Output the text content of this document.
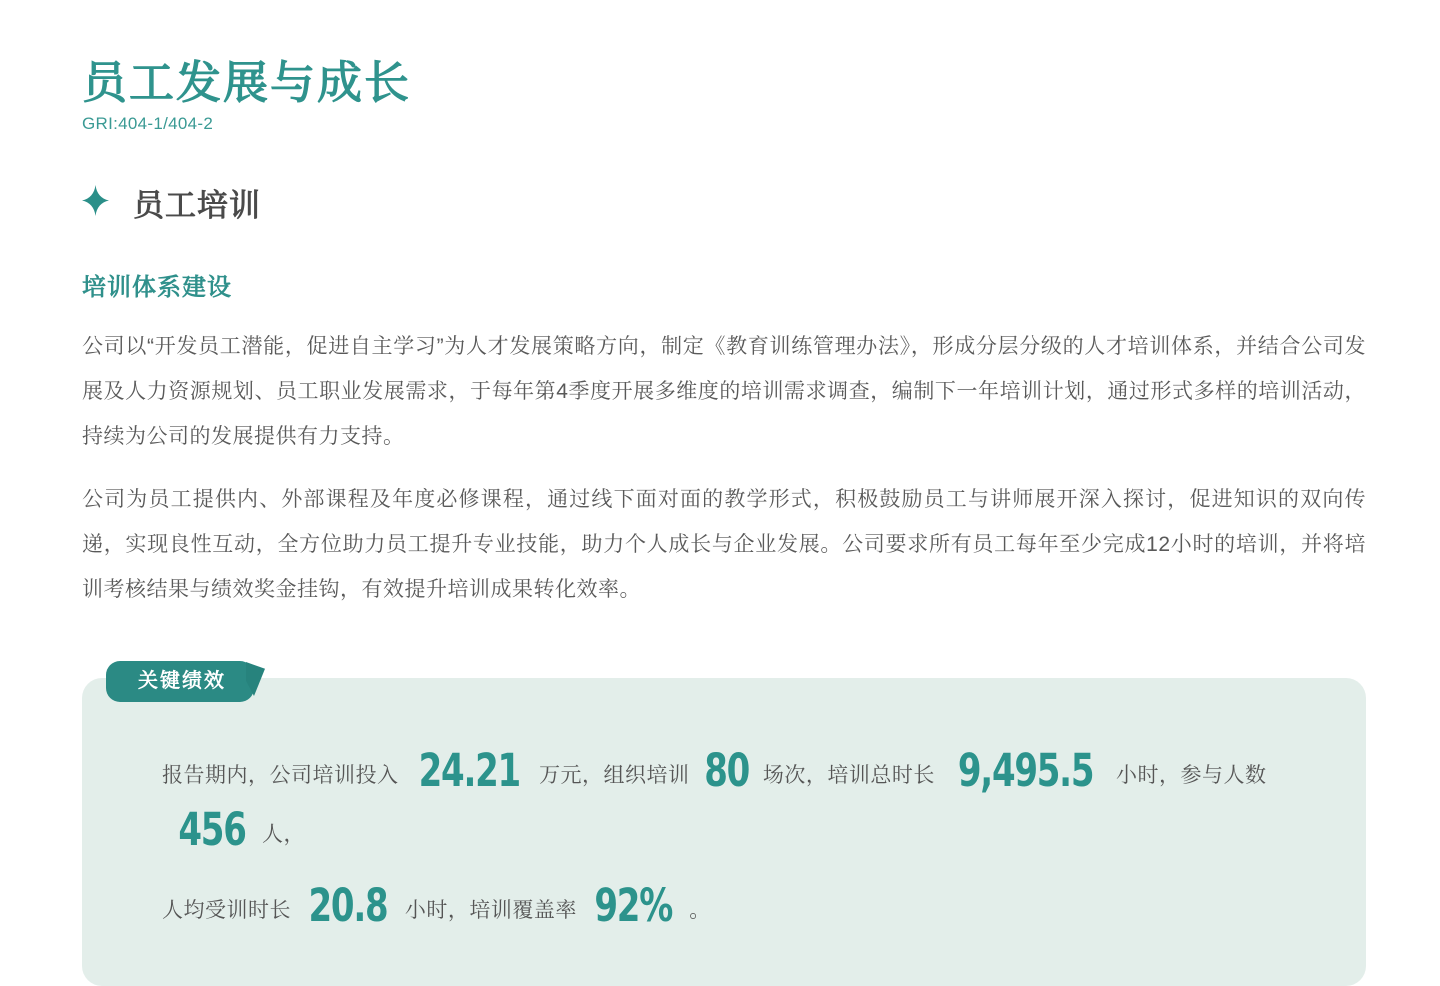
员工发展与成长
GRI:404-1/404-2
员工培训
培训体系建设

公司以“开发员工潜能，促进自主学习”为人才发展策略方向，制定《教育训练管理办法》，形成分层分级的人才培训体系，并结合公司发展及人力资源规划、员工职业发展需求，于每年第4季度开展多维度的培训需求调查，编制下一年培训计划，通过形式多样的培训活动，持续为公司的发展提供有力支持。

公司为员工提供内、外部课程及年度必修课程，通过线下面对面的教学形式，积极鼓励员工与讲师展开深入探讨，促进知识的双向传递，实现良性互动，全方位助力员工提升专业技能，助力个人成长与企业发展。公司要求所有员工每年至少完成12小时的培训，并将培训考核结果与绩效奖金挂钩，有效提升培训成果转化效率。

关键绩效
报告期内，公司培训投入 24.21 万元，组织培训 80 场次，培训总时长 9,495.5 小时，参与人数456 人，
人均受训时长 20.8 小时，培训覆盖率 92% 。
